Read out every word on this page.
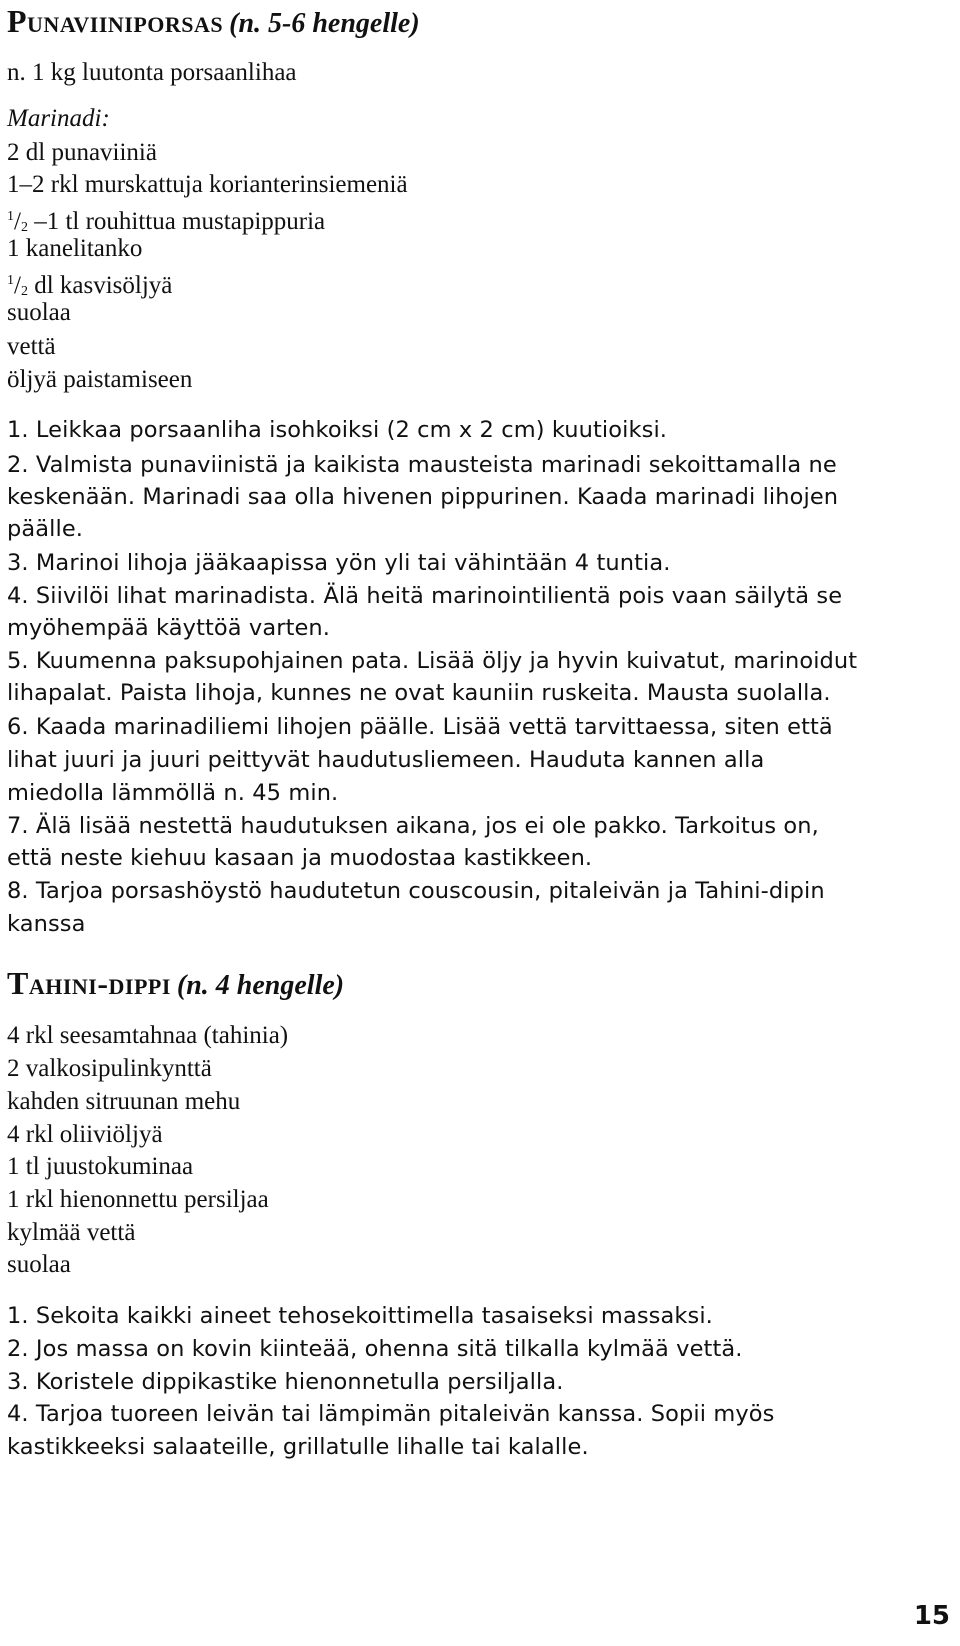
Punaviiniporsas (n. 5-6 hengelle)

n. 1 kg luutonta porsaanlihaa

Marinadi:

2 dl punaviiniä

1–2 rkl murskattuja korianterinsiemeniä

$^1/_2$ –1 tl rouhittua mustapippuria

1 kanelitanko

$^1/_2$ dl kasvisöljyä

suolaa

vettä

öljyä paistamiseen

1. Leikkaa porsaanliha isohkoiksi (2 cm x 2 cm) kuutioiksi.

2. Valmista punaviinistä ja kaikista mausteista marinadi sekoittamalla ne

keskenään. Marinadi saa olla hivenen pippurinen. Kaada marinadi lihojen

päälle.

3. Marinoi lihoja jääkaapissa yön yli tai vähintään 4 tuntia.

4. Siivilöi lihat marinadista. Älä heitä marinointilientä pois vaan säilytä se

myöhempää käyttöä varten.

5. Kuumenna paksupohjainen pata. Lisää öljy ja hyvin kuivatut, marinoidut

lihapalat. Paista lihoja, kunnes ne ovat kauniin ruskeita. Mausta suolalla.

6. Kaada marinadiliemi lihojen päälle. Lisää vettä tarvittaessa, siten että

lihat juuri ja juuri peittyvät haudutusliemeen. Hauduta kannen alla

miedolla lämmöllä n. 45 min.

7. Älä lisää nestettä haudutuksen aikana, jos ei ole pakko. Tarkoitus on,

että neste kiehuu kasaan ja muodostaa kastikkeen.

8. Tarjoa porsashöystö haudutetun couscousin, pitaleivän ja Tahini-dipin

kanssa

Tahini-dippi (n. 4 hengelle)

4 rkl seesamtahnaa (tahinia)

2 valkosipulinkynttä

kahden sitruunan mehu

4 rkl oliiviöljyä

1 tl juustokuminaa

1 rkl hienonnettu persiljaa

kylmää vettä

suolaa

1. Sekoita kaikki aineet tehosekoittimella tasaiseksi massaksi.

2. Jos massa on kovin kiinteää, ohenna sitä tilkalla kylmää vettä.

3. Koristele dippikastike hienonnetulla persiljalla.

4. Tarjoa tuoreen leivän tai lämpimän pitaleivän kanssa. Sopii myös

kastikkeeksi salaateille, grillatulle lihalle tai kalalle.

15
